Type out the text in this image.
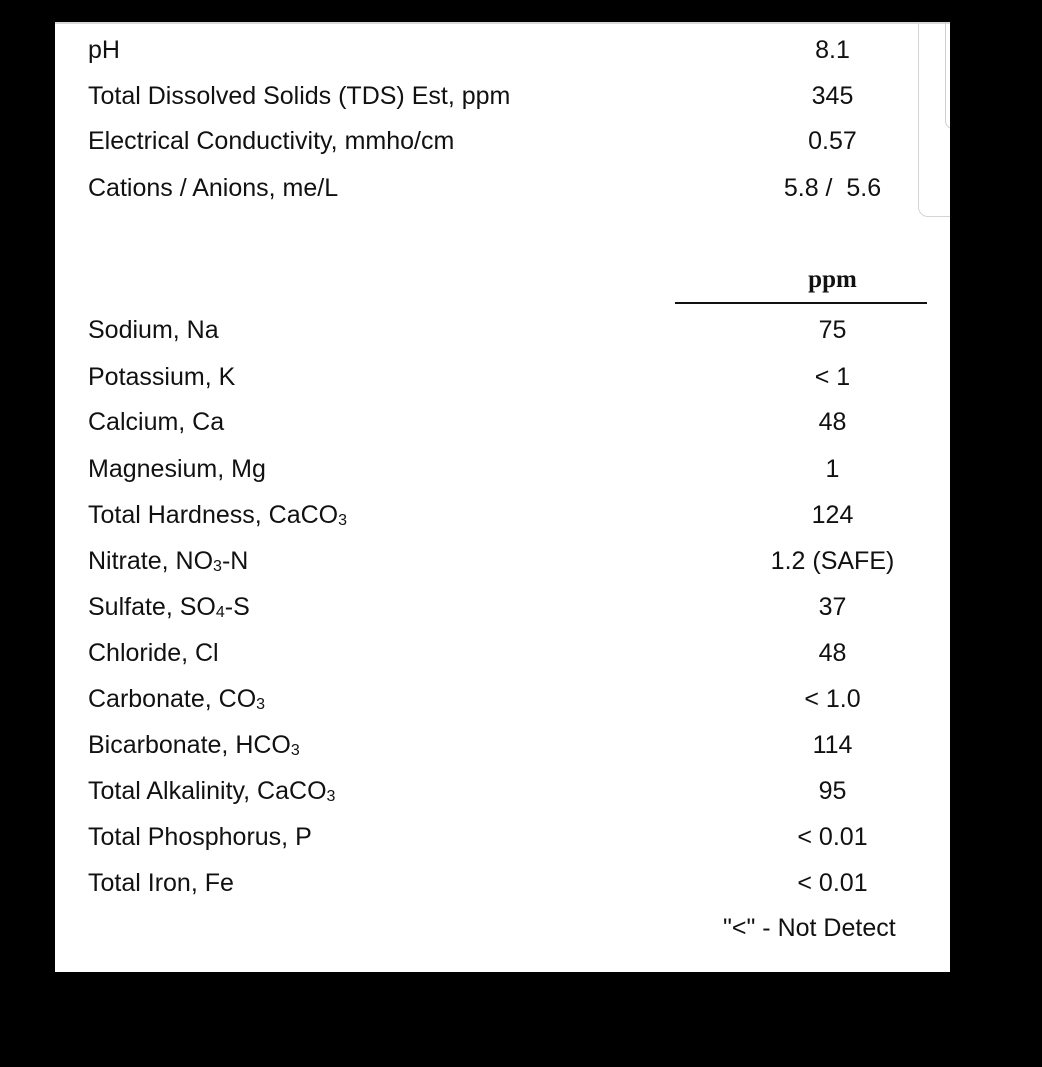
pH	8.1
Total Dissolved Solids (TDS) Est, ppm	345
Electrical Conductivity, mmho/cm	0.57
Cations / Anions, me/L	5.8 /  5.6
ppm
Sodium, Na	75
Potassium, K	< 1
Calcium, Ca	48
Magnesium, Mg	1
Total Hardness, CaCO3	124
Nitrate, NO3-N	1.2 (SAFE)
Sulfate, SO4-S	37
Chloride, Cl	48
Carbonate, CO3	< 1.0
Bicarbonate, HCO3	114
Total Alkalinity, CaCO3	95
Total Phosphorus, P	< 0.01
Total Iron, Fe	< 0.01
"<" - Not Detect
